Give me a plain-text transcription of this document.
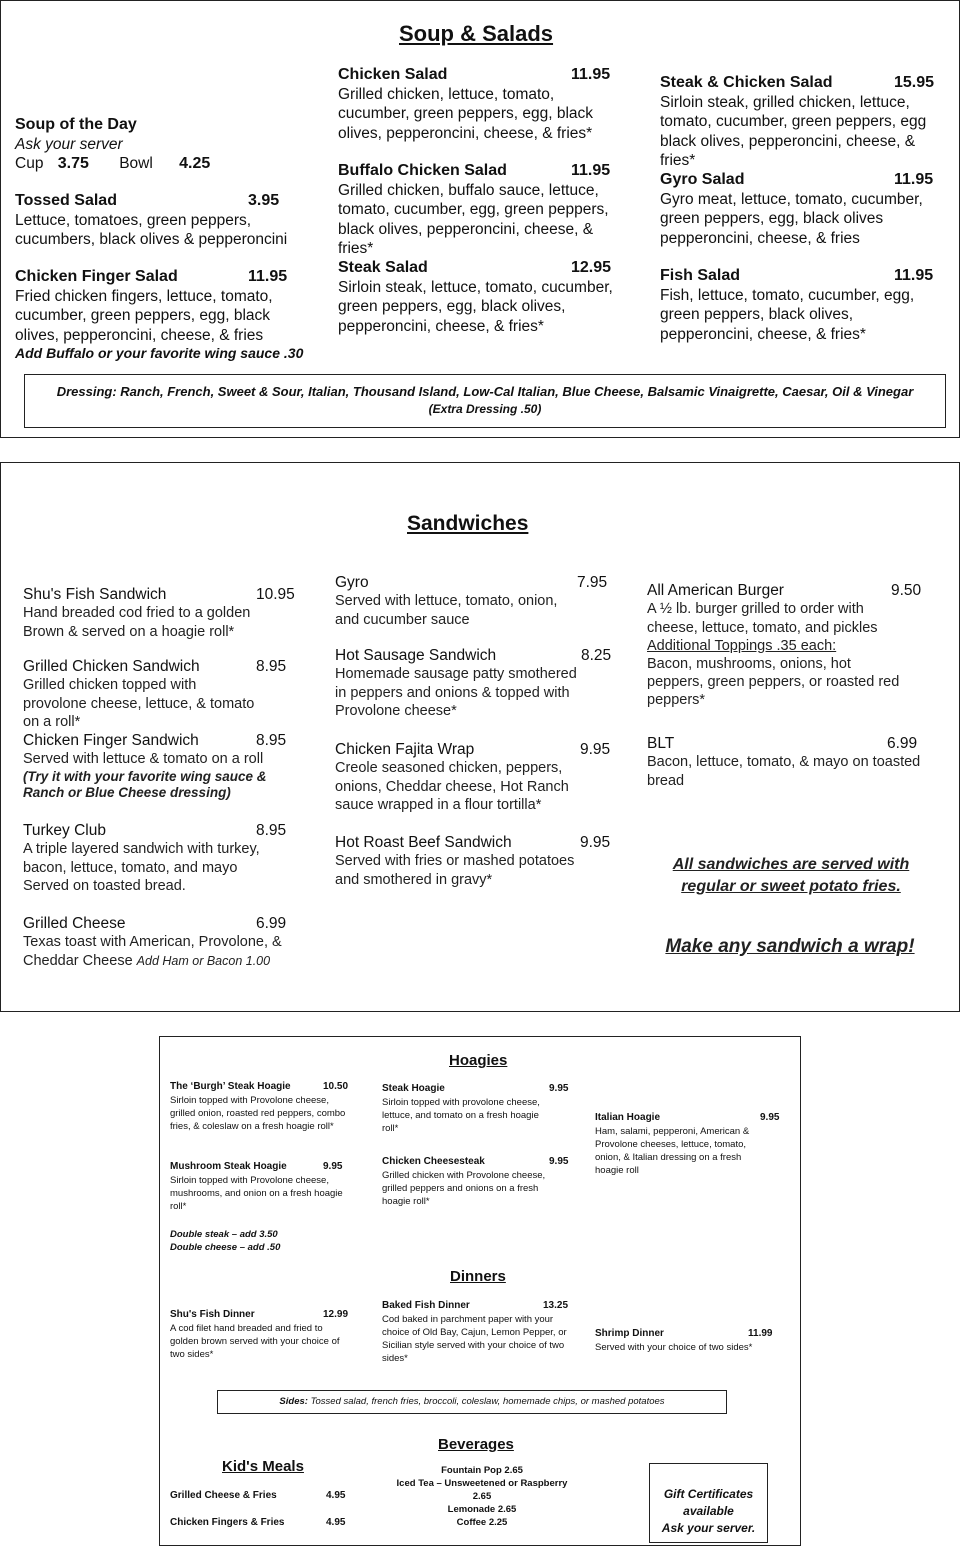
Soup & Salads
Soup of the Day
Ask your server
Cup 3.75 Bowl 4.25
Tossed Salad	3.95
Lettuce, tomatoes, green peppers, cucumbers, black olives & pepperoncini
Chicken Finger Salad	11.95
Fried chicken fingers, lettuce, tomato, cucumber, green peppers, egg, black olives, pepperoncini, cheese, & fries
Add Buffalo or your favorite wing sauce .30
Chicken Salad	11.95
Grilled chicken, lettuce, tomato, cucumber, green peppers, egg, black olives, pepperoncini, cheese, & fries*
Buffalo Chicken Salad	11.95
Grilled chicken, buffalo sauce, lettuce, tomato, cucumber, egg, green peppers, black olives, pepperoncini, cheese, & fries*
Steak Salad	12.95
Sirloin steak, lettuce, tomato, cucumber, green peppers, egg, black olives, pepperoncini, cheese, & fries*
Steak & Chicken Salad	15.95
Sirloin steak, grilled chicken, lettuce, tomato, cucumber, green peppers, egg black olives, pepperoncini, cheese, & fries*
Gyro Salad	11.95
Gyro meat, lettuce, tomato, cucumber, green peppers, egg, black olives pepperoncini, cheese, & fries
Fish Salad	11.95
Fish, lettuce, tomato, cucumber, egg, green peppers, black olives, pepperoncini, cheese, & fries*
Dressing: Ranch, French, Sweet & Sour, Italian, Thousand Island, Low-Cal Italian, Blue Cheese, Balsamic Vinaigrette, Caesar, Oil & Vinegar
(Extra Dressing .50)
Sandwiches
Shu's Fish Sandwich	10.95
Hand breaded cod fried to a golden Brown & served on a hoagie roll*
Grilled Chicken Sandwich	8.95
Grilled chicken topped with provolone cheese, lettuce, & tomato on a roll*
Chicken Finger Sandwich	8.95
Served with lettuce & tomato on a roll
(Try it with your favorite wing sauce & Ranch or Blue Cheese dressing)
Turkey Club	8.95
A triple layered sandwich with turkey, bacon, lettuce, tomato, and mayo Served on toasted bread.
Grilled Cheese	6.99
Texas toast with American, Provolone, & Cheddar Cheese Add Ham or Bacon 1.00
Gyro	7.95
Served with lettuce, tomato, onion, and cucumber sauce
Hot Sausage Sandwich	8.25
Homemade sausage patty smothered in peppers and onions & topped with Provolone cheese*
Chicken Fajita Wrap	9.95
Creole seasoned chicken, peppers, onions, Cheddar cheese, Hot Ranch sauce wrapped in a flour tortilla*
Hot Roast Beef Sandwich	9.95
Served with fries or mashed potatoes and smothered in gravy*
All American Burger	9.50
A ½ lb. burger grilled to order with cheese, lettuce, tomato, and pickles
Additional Toppings .35 each:
Bacon, mushrooms, onions, hot peppers, green peppers, or roasted red peppers*
BLT	6.99
Bacon, lettuce, tomato, & mayo on toasted bread
All sandwiches are served with regular or sweet potato fries.
Make any sandwich a wrap!
Hoagies
The ‘Burgh’ Steak Hoagie	10.50
Sirloin topped with Provolone cheese, grilled onion, roasted red peppers, combo fries, & coleslaw on a fresh hoagie roll*
Mushroom Steak Hoagie	9.95
Sirloin topped with Provolone cheese, mushrooms, and onion on a fresh hoagie roll*
Double steak – add 3.50
Double cheese – add .50
Steak Hoagie	9.95
Sirloin topped with provolone cheese, lettuce, and tomato on a fresh hoagie roll*
Chicken Cheesesteak	9.95
Grilled chicken with Provolone cheese, grilled peppers and onions on a fresh hoagie roll*
Italian Hoagie	9.95
Ham, salami, pepperoni, American & Provolone cheeses, lettuce, tomato, onion, & Italian dressing on a fresh hoagie roll
Dinners
Shu's Fish Dinner	12.99
A cod filet hand breaded and fried to golden brown served with your choice of two sides*
Baked Fish Dinner	13.25
Cod baked in parchment paper with your choice of Old Bay, Cajun, Lemon Pepper, or Sicilian style served with your choice of two sides*
Shrimp Dinner	11.99
Served with your choice of two sides*
Sides: Tossed salad, french fries, broccoli, coleslaw, homemade chips, or mashed potatoes
Beverages
Kid's Meals
Grilled Cheese & Fries	4.95
Chicken Fingers & Fries	4.95
Fountain Pop 2.65
Iced Tea – Unsweetened or Raspberry
2.65
Lemonade 2.65
Coffee 2.25
Gift Certificates
available
Ask your server.
